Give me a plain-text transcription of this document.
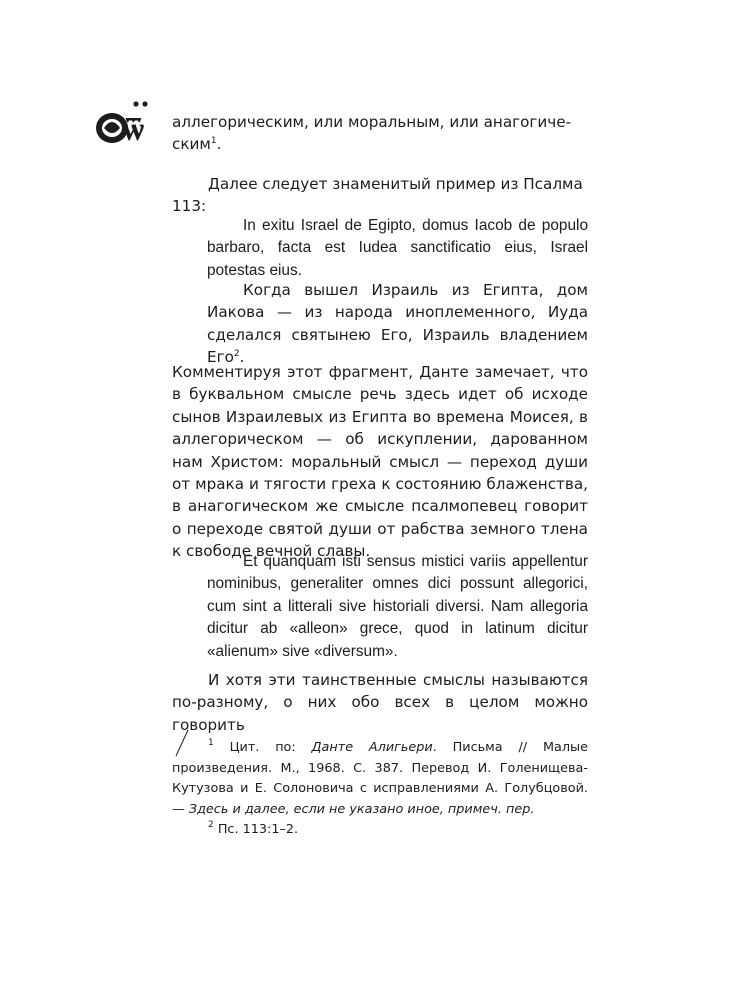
ѿ аллегорическим, или моральным, или анагогиче-

ским$^1$.

Далее следует знаменитый пример из Псалма 113:

In exitu Israel de Egipto, domus Iacob de populo barbaro, facta est Iudea sanctificatio eius, Israel potestas eius.

Когда вышел Израиль из Египта, дом Иакова — из народа иноплеменного, Иуда сделался святынею Его, Израиль владением Его$^2$.

Комментируя этот фрагмент, Данте замечает, что в буквальном смысле речь здесь идет об исходе сынов Израилевых из Египта во времена Моисея, в аллегорическом — об искуплении, дарованном нам Христом: моральный смысл — переход души от мрака и тягости греха к состоянию блаженства, в анагогическом же смысле псалмопевец говорит о переходе святой души от рабства земного тлена к свободе вечной славы.

Et quanquam isti sensus mistici variis appellentur nominibus, generaliter omnes dici possunt allegorici, cum sint a litterali sive historiali diversi. Nam allegoria dicitur ab «alleon» grece, quod in latinum dicitur «alienum» sive «diversum».

И хотя эти таинственные смыслы называются по-разному, о них обо всех в целом можно говорить

$^1$ Цит. по: Данте Алигьери. Письма // Малые произведения. М., 1968. С. 387. Перевод И. Голенищева-Кутузова и Е. Солоновича с исправлениями А. Голубцовой. — Здесь и далее, если не указано иное, примеч. пер.

$^2$ Пс. 113:1–2.
